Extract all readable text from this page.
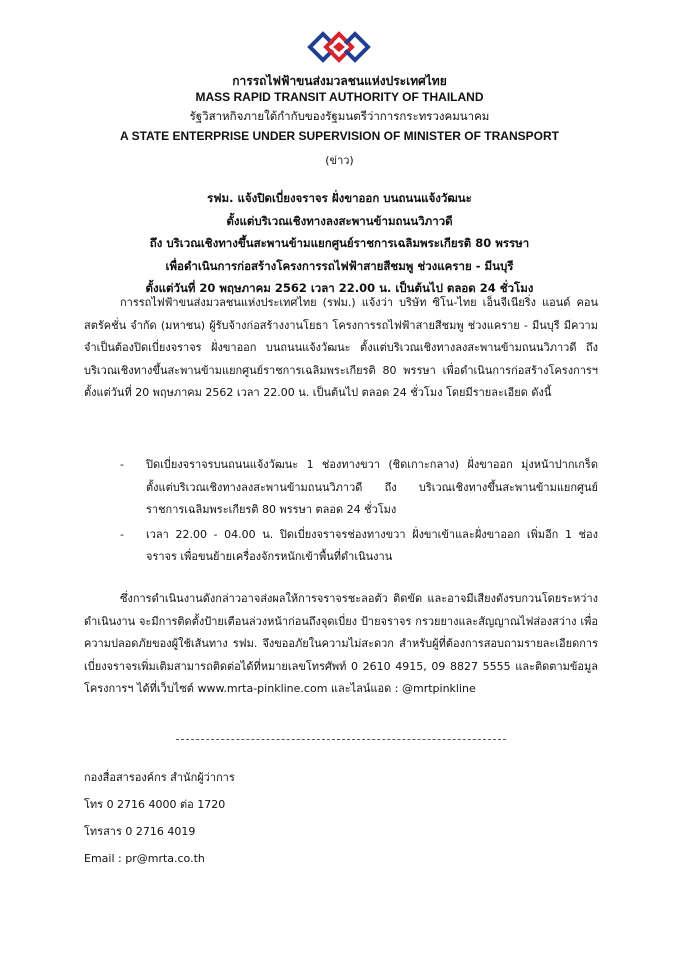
การรถไฟฟ้าขนส่งมวลชนแห่งประเทศไทย
MASS RAPID TRANSIT AUTHORITY OF THAILAND
รัฐวิสาหกิจภายใต้กำกับของรัฐมนตรีว่าการกระทรวงคมนาคม
A STATE ENTERPRISE UNDER SUPERVISION OF MINISTER OF TRANSPORT
(ข่าว)
รฟม. แจ้งปิดเบี่ยงจราจร ฝั่งขาออก บนถนนแจ้งวัฒนะ
ตั้งแต่บริเวณเชิงทางลงสะพานข้ามถนนวิภาวดี
ถึง บริเวณเชิงทางขึ้นสะพานข้ามแยกศูนย์ราชการเฉลิมพระเกียรติ 80 พรรษา
เพื่อดำเนินการก่อสร้างโครงการรถไฟฟ้าสายสีชมพู ช่วงแคราย - มีนบุรี
ตั้งแต่วันที่ 20 พฤษภาคม 2562 เวลา 22.00 น. เป็นต้นไป ตลอด 24 ชั่วโมง
การรถไฟฟ้าขนส่งมวลชนแห่งประเทศไทย (รฟม.) แจ้งว่า บริษัท ซิโน-ไทย เอ็นจีเนียริ่ง แอนด์ คอนสตรัคชั่น จำกัด (มหาชน) ผู้รับจ้างก่อสร้างงานโยธา โครงการรถไฟฟ้าสายสีชมพู ช่วงแคราย - มีนบุรี มีความจำเป็นต้องปิดเบี่ยงจราจร ฝั่งขาออก บนถนนแจ้งวัฒนะ ตั้งแต่บริเวณเชิงทางลงสะพานข้ามถนนวิภาวดี ถึง บริเวณเชิงทางขึ้นสะพานข้ามแยกศูนย์ราชการเฉลิมพระเกียรติ 80 พรรษา เพื่อดำเนินการก่อสร้างโครงการฯ ตั้งแต่วันที่ 20 พฤษภาคม 2562 เวลา 22.00 น. เป็นต้นไป ตลอด 24 ชั่วโมง โดยมีรายละเอียด ดังนี้
- ปิดเบี่ยงจราจรบนถนนแจ้งวัฒนะ 1 ช่องทางขวา (ชิดเกาะกลาง) ฝั่งขาออก มุ่งหน้าปากเกร็ด ตั้งแต่บริเวณเชิงทางลงสะพานข้ามถนนวิภาวดี ถึง บริเวณเชิงทางขึ้นสะพานข้ามแยกศูนย์ราชการเฉลิมพระเกียรติ 80 พรรษา ตลอด 24 ชั่วโมง
- เวลา 22.00 - 04.00 น. ปิดเบี่ยงจราจรช่องทางขวา ฝั่งขาเข้าและฝั่งขาออก เพิ่มอีก 1 ช่องจราจร เพื่อขนย้ายเครื่องจักรหนักเข้าพื้นที่ดำเนินงาน
ซึ่งการดำเนินงานดังกล่าวอาจส่งผลให้การจราจรชะลอตัว ติดขัด และอาจมีเสียงดังรบกวนโดยระหว่างดำเนินงาน จะมีการติดตั้งป้ายเตือนล่วงหน้าก่อนถึงจุดเบี่ยง ป้ายจราจร กรวยยางและสัญญาณไฟส่องสว่าง เพื่อความปลอดภัยของผู้ใช้เส้นทาง รฟม. จึงขออภัยในความไม่สะดวก สำหรับผู้ที่ต้องการสอบถามรายละเอียดการเบี่ยงจราจรเพิ่มเติมสามารถติดต่อได้ที่หมายเลขโทรศัพท์ 0 2610 4915, 09 8827 5555 และติดตามข้อมูลโครงการฯ ได้ที่เว็บไซต์ www.mrta-pinkline.com และไลน์แอด : @mrtpinkline
กองสื่อสารองค์กร สำนักผู้ว่าการ
โทร 0 2716 4000 ต่อ 1720
โทรสาร 0 2716 4019
Email : pr@mrta.co.th
